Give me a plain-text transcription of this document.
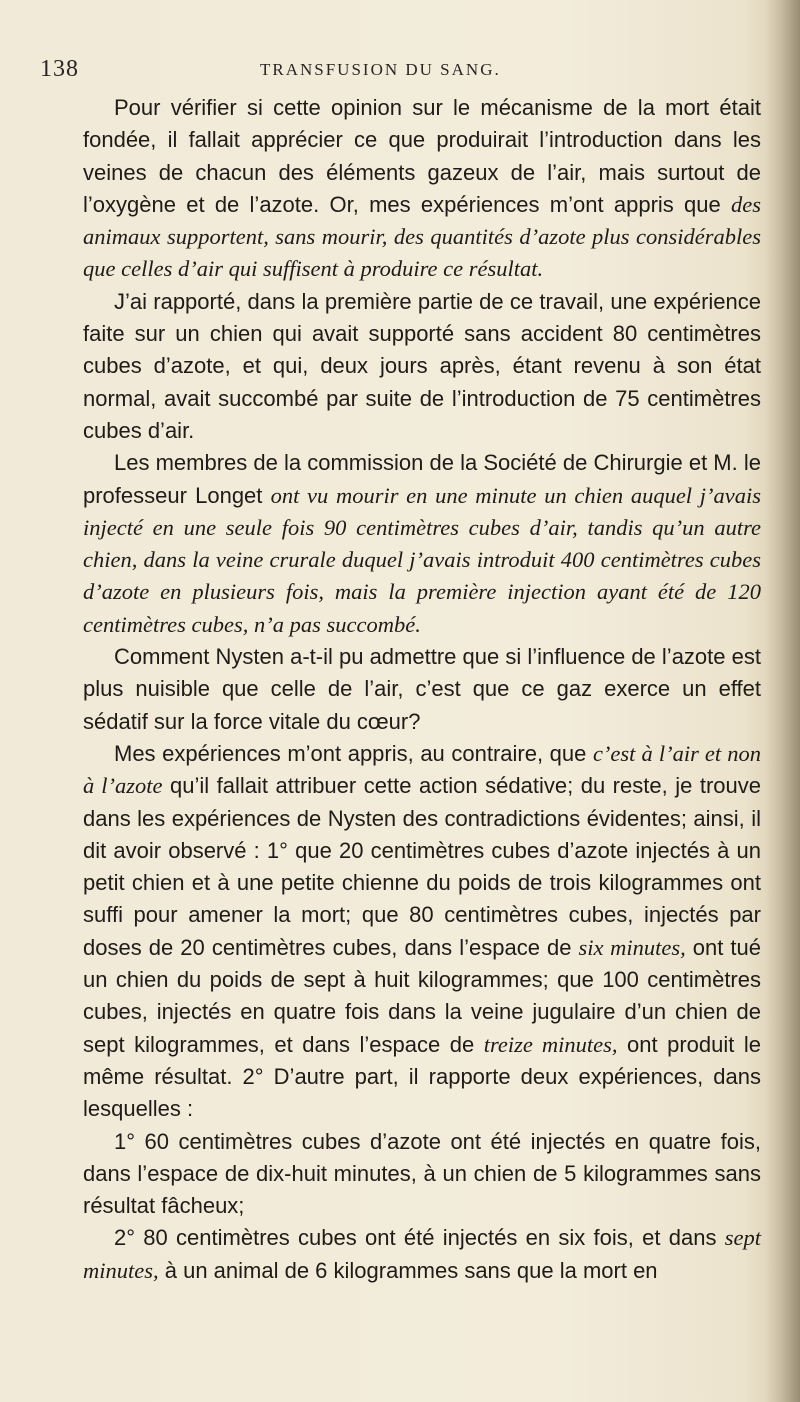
138	TRANSFUSION DU SANG.

Pour vérifier si cette opinion sur le mécanisme de la mort était fondée, il fallait apprécier ce que produirait l’introduction dans les veines de chacun des éléments gazeux de l’air, mais surtout de l’oxygène et de l’azote. Or, mes expériences m’ont appris que des animaux supportent, sans mourir, des quantités d’azote plus considérables que celles d’air qui suffisent à produire ce résultat.

J’ai rapporté, dans la première partie de ce travail, une expérience faite sur un chien qui avait supporté sans accident 80 centimètres cubes d’azote, et qui, deux jours après, étant revenu à son état normal, avait succombé par suite de l’introduction de 75 centimètres cubes d’air.

Les membres de la commission de la Société de Chirurgie et M. le professeur Longet ont vu mourir en une minute un chien auquel j’avais injecté en une seule fois 90 centimètres cubes d’air, tandis qu’un autre chien, dans la veine crurale duquel j’avais introduit 400 centimètres cubes d’azote en plusieurs fois, mais la première injection ayant été de 120 centimètres cubes, n’a pas succombé.

Comment Nysten a-t-il pu admettre que si l’influence de l’azote est plus nuisible que celle de l’air, c’est que ce gaz exerce un effet sédatif sur la force vitale du cœur?

Mes expériences m’ont appris, au contraire, que c’est à l’air et non à l’azote qu’il fallait attribuer cette action sédative; du reste, je trouve dans les expériences de Nysten des contradictions évidentes; ainsi, il dit avoir observé : 1° que 20 centimètres cubes d’azote injectés à un petit chien et à une petite chienne du poids de trois kilogrammes ont suffi pour amener la mort; que 80 centimètres cubes, injectés par doses de 20 centimètres cubes, dans l’espace de six minutes, ont tué un chien du poids de sept à huit kilogrammes; que 100 centimètres cubes, injectés en quatre fois dans la veine jugulaire d’un chien de sept kilogrammes, et dans l’espace de treize minutes, ont produit le même résultat. 2° D’autre part, il rapporte deux expériences, dans lesquelles :

1° 60 centimètres cubes d’azote ont été injectés en quatre fois, dans l’espace de dix-huit minutes, à un chien de 5 kilogrammes sans résultat fâcheux;

2° 80 centimètres cubes ont été injectés en six fois, et dans sept minutes, à un animal de 6 kilogrammes sans que la mort en
